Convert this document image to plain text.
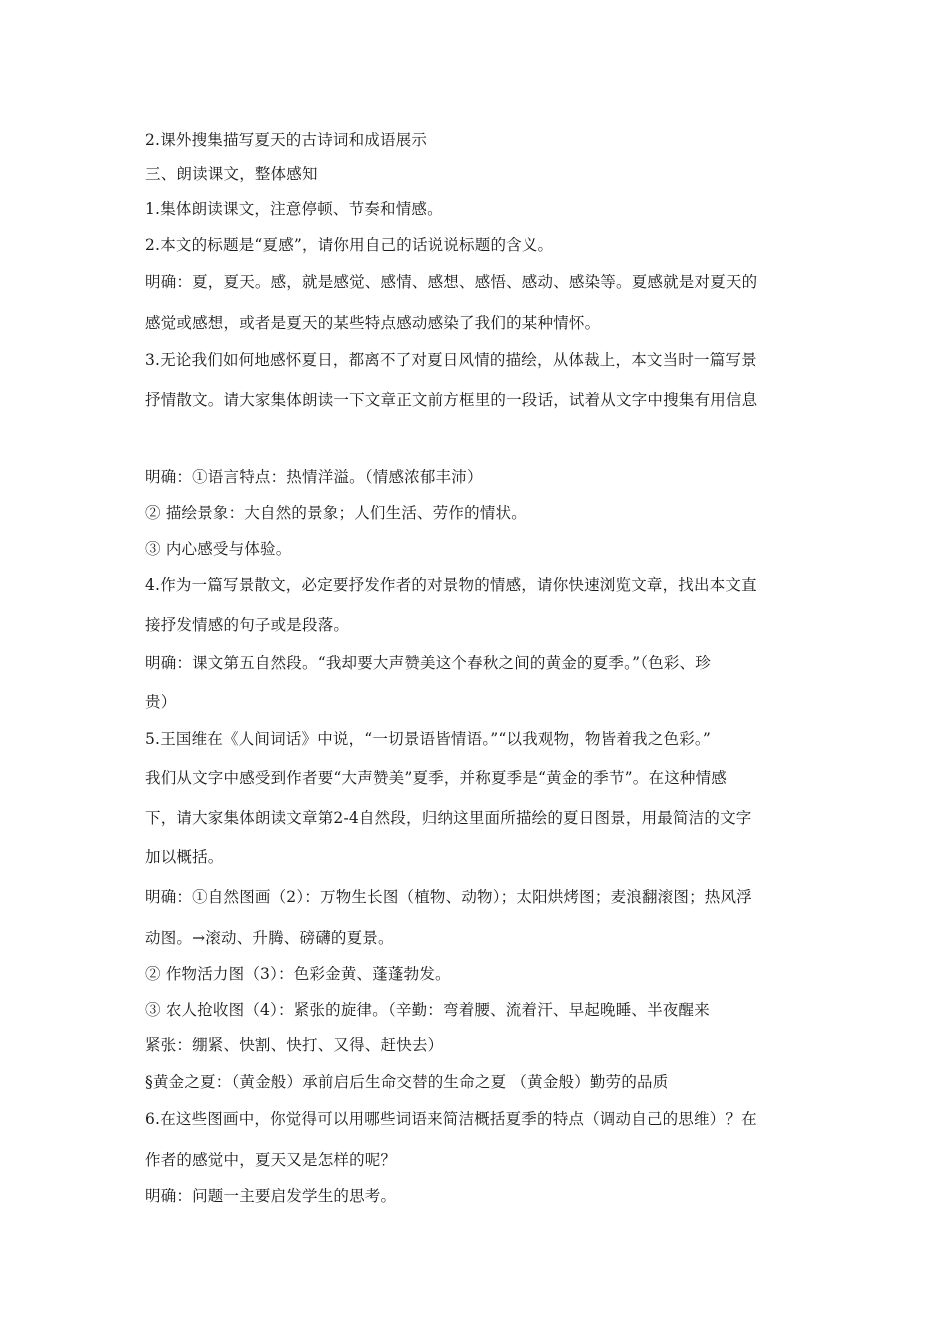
2.课外搜集描写夏天的古诗词和成语展示
三、朗读课文，整体感知
1.集体朗读课文，注意停顿、节奏和情感。
2.本文的标题是“夏感”，请你用自己的话说说标题的含义。
明确：夏，夏天。感，就是感觉、感情、感想、感悟、感动、感染等。夏感就是对夏天的
感觉或感想，或者是夏天的某些特点感动感染了我们的某种情怀。
3.无论我们如何地感怀夏日，都离不了对夏日风情的描绘，从体裁上，本文当时一篇写景
抒情散文。请大家集体朗读一下文章正文前方框里的一段话，试着从文字中搜集有用信息
明确：①语言特点：热情洋溢。（情感浓郁丰沛）
② 描绘景象：大自然的景象；人们生活、劳作的情状。
③ 内心感受与体验。
4.作为一篇写景散文，必定要抒发作者的对景物的情感，请你快速浏览文章，找出本文直
接抒发情感的句子或是段落。
明确：课文第五自然段。“我却要大声赞美这个春秋之间的黄金的夏季。”（色彩、珍
贵）
5.王国维在《人间词话》中说，“一切景语皆情语。”“以我观物，物皆着我之色彩。”
我们从文字中感受到作者要“大声赞美”夏季，并称夏季是“黄金的季节”。在这种情感
下，请大家集体朗读文章第2-4自然段，归纳这里面所描绘的夏日图景，用最简洁的文字
加以概括。
明确：①自然图画（2）：万物生长图（植物、动物）；太阳烘烤图；麦浪翻滚图；热风浮
动图。→滚动、升腾、磅礴的夏景。
② 作物活力图（3）：色彩金黄、蓬蓬勃发。
③ 农人抢收图（4）：紧张的旋律。（辛勤：弯着腰、流着汗、早起晚睡、半夜醒来
紧张：绷紧、快割、快打、又得、赶快去）
§黄金之夏：（黄金般）承前启后生命交替的生命之夏 （黄金般）勤劳的品质
6.在这些图画中，你觉得可以用哪些词语来简洁概括夏季的特点（调动自己的思维）？在
作者的感觉中，夏天又是怎样的呢？
明确：问题一主要启发学生的思考。
